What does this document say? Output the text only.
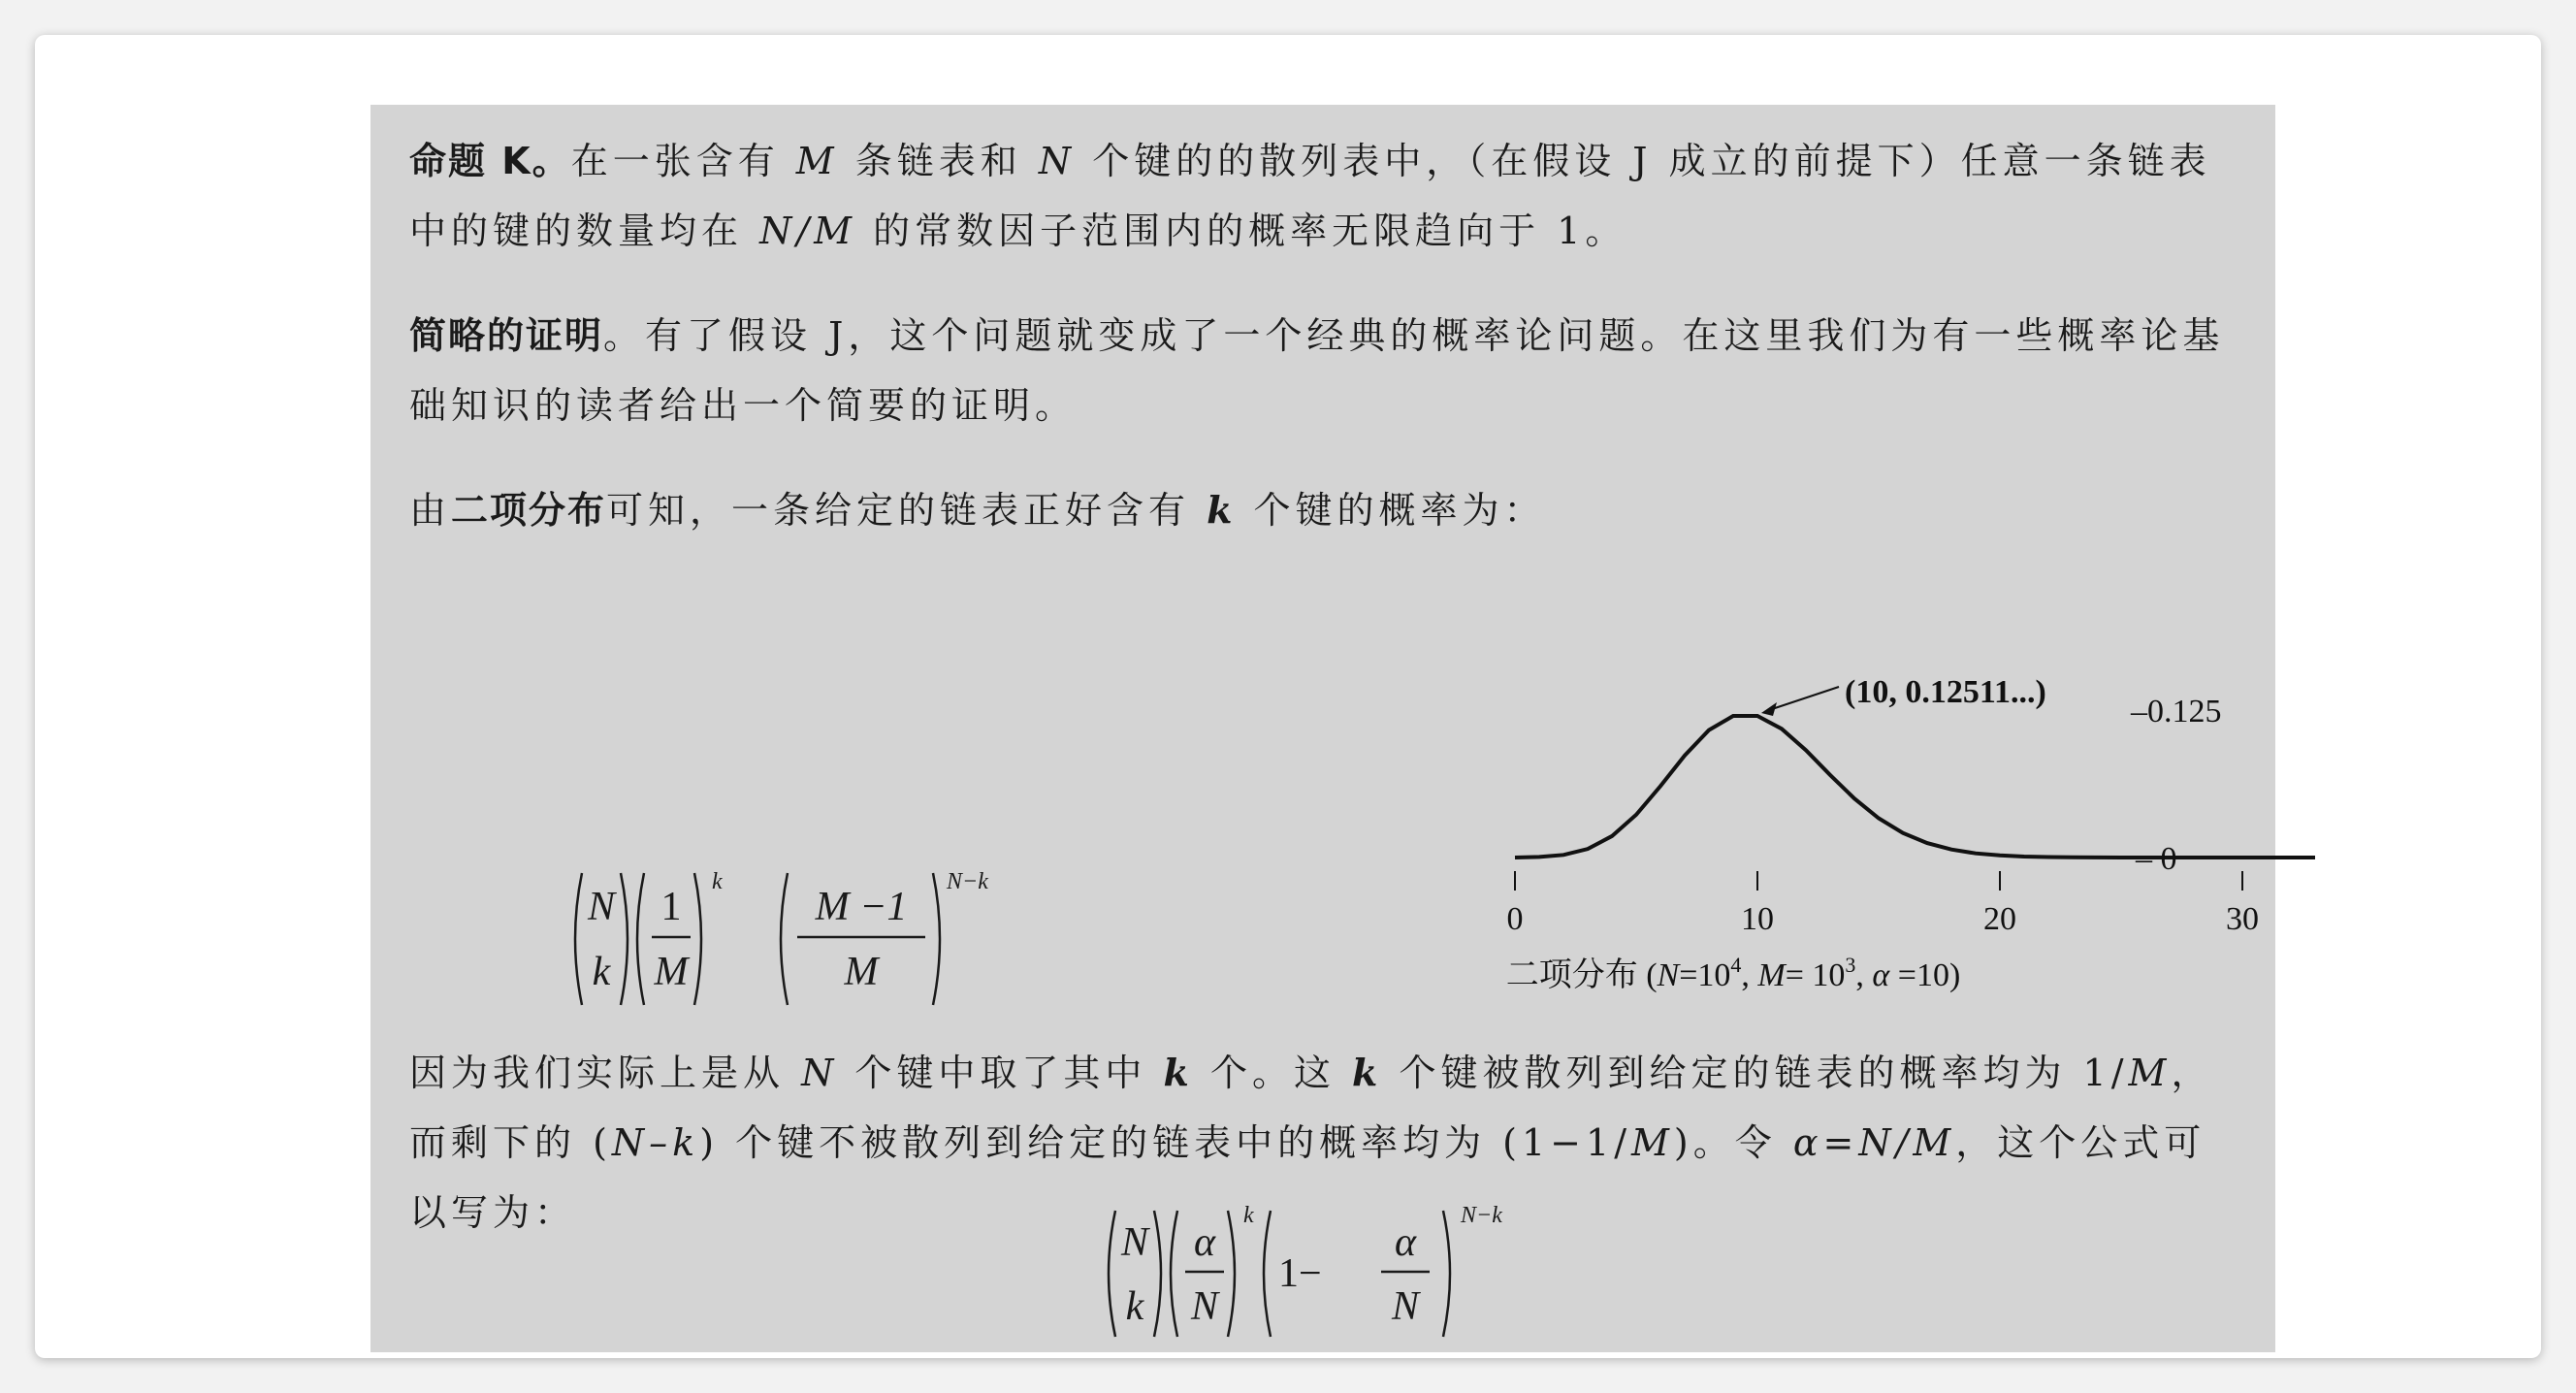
命题 K。在一张含有 M 条链表和 N 个键的的散列表中，（在假设 J 成立的前提下）任意一条链表中的键的数量均在 N/M 的常数因子范围内的概率无限趋向于 1。
简略的证明。有了假设 J，这个问题就变成了一个经典的概率论问题。在这里我们为有一些概率论基础知识的读者给出一个简要的证明。
由二项分布可知，一条给定的链表正好含有 k 个键的概率为：
N
k
1
M
k
M −1
M
N−k
0	10	20	30
–0.125
– 0
(10, 0.12511...)
二项分布 ($N=10^4$, $M= 10^3$, α =10)
因为我们实际上是从 N 个键中取了其中 k 个。这 k 个键被散列到给定的链表的概率均为 1/M，而剩下的 (N–k) 个键不被散列到给定的链表中的概率均为 (1−1/M)。令 α=N/M，这个公式可以写为：
N
k
α
N
k
1−
α
N
N−k
